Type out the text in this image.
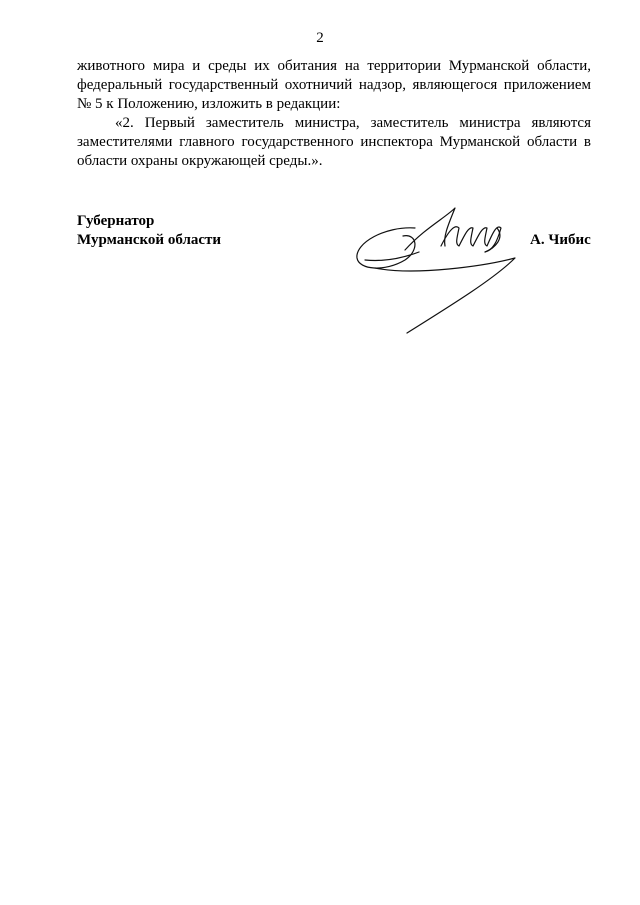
2

животного мира и среды их обитания на территории Мурманской области, федеральный государственный охотничий надзор, являющегося приложением № 5 к Положению, изложить в редакции:

«2. Первый заместитель министра, заместитель министра являются заместителями главного государственного инспектора Мурманской области в области охраны окружающей среды.».

Губернатор
Мурманской области	А. Чибис
